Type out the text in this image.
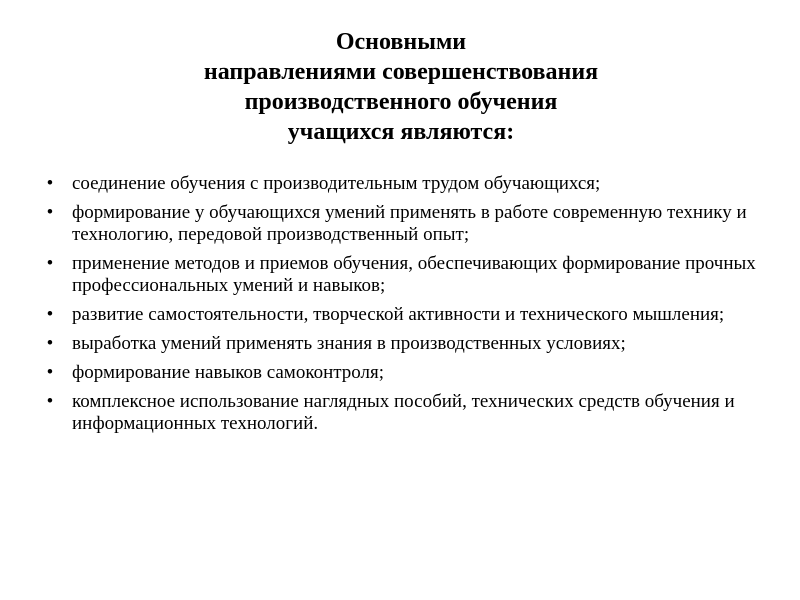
Основными
направлениями совершенствования
производственного обучения
учащихся являются:
• соединение обучения с производительным трудом обучающихся;
• формирование у обучающихся умений применять в работе современную технику и технологию, передовой производственный опыт;
• применение методов и приемов обучения, обеспечивающих формирование прочных профессиональных умений и навыков;
• развитие самостоятельности, творческой активности и технического мышления;
• выработка умений применять знания в производственных условиях;
• формирование навыков самоконтроля;
• комплексное использование наглядных пособий, технических средств обучения и информационных технологий.
